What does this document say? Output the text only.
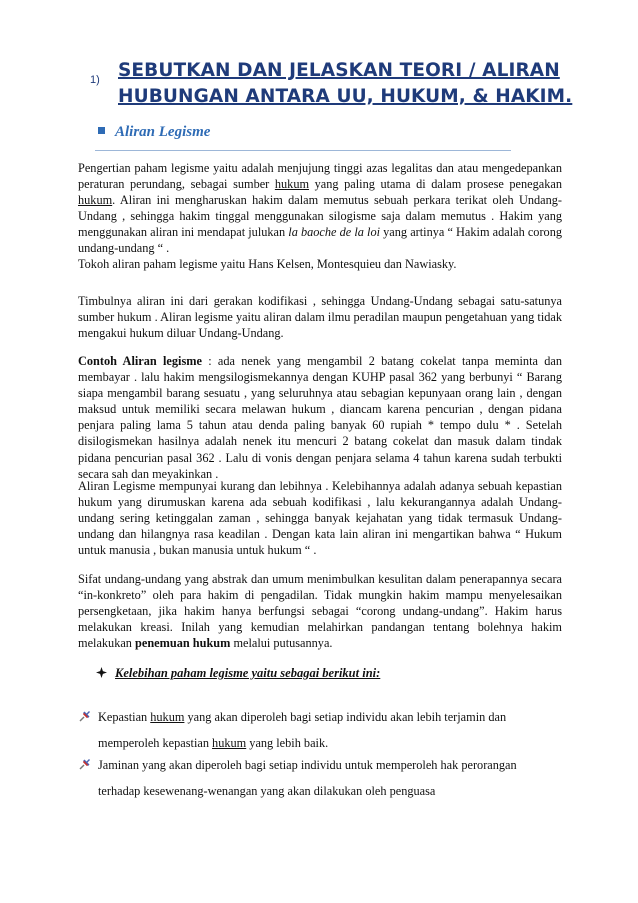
1) SEBUTKAN DAN JELASKAN TEORI / ALIRAN
HUBUNGAN ANTARA UU, HUKUM, & HAKIM.
Aliran Legisme

Pengertian paham legisme yaitu adalah menjujung tinggi azas legalitas dan atau mengedepankan peraturan perundang, sebagai sumber hukum yang paling utama di dalam prosese penegakan hukum. Aliran ini mengharuskan hakim dalam memutus sebuah perkara terikat oleh Undang-Undang , sehingga hakim tinggal menggunakan silogisme saja dalam memutus . Hakim yang menggunakan aliran ini mendapat julukan la baoche de la loi yang artinya “ Hakim adalah corong undang-undang “ .

Tokoh aliran paham legisme yaitu Hans Kelsen, Montesquieu dan Nawiasky.

Timbulnya aliran ini dari gerakan kodifikasi , sehingga Undang-Undang sebagai satu-satunya sumber hukum . Aliran legisme yaitu aliran dalam ilmu peradilan maupun pengetahuan yang tidak mengakui hukum diluar Undang-Undang.

Contoh Aliran legisme : ada nenek yang mengambil 2 batang cokelat tanpa meminta dan membayar . lalu hakim mengsilogismekannya dengan KUHP pasal 362 yang berbunyi “ Barang siapa mengambil barang sesuatu , yang seluruhnya atau sebagian kepunyaan orang lain , dengan maksud untuk memiliki secara melawan hukum , diancam karena pencurian , dengan pidana penjara paling lama 5 tahun atau denda paling banyak 60 rupiah * tempo dulu * . Setelah disilogismekan hasilnya adalah nenek itu mencuri 2 batang cokelat dan masuk dalam tindak pidana pencurian pasal 362 . Lalu di vonis dengan penjara selama 4 tahun karena sudah terbukti secara sah dan meyakinkan .

Aliran Legisme mempunyai kurang dan lebihnya . Kelebihannya adalah adanya sebuah kepastian hukum yang dirumuskan karena ada sebuah kodifikasi , lalu kekurangannya adalah Undang-undang sering ketinggalan zaman , sehingga banyak kejahatan yang tidak termasuk Undang-undang dan hilangnya rasa keadilan . Dengan kata lain aliran ini mengartikan bahwa “ Hukum untuk manusia , bukan manusia untuk hukum “ .

Sifat undang-undang yang abstrak dan umum menimbulkan kesulitan dalam penerapannya secara “in-konkreto” oleh para hakim di pengadilan. Tidak mungkin hakim mampu menyelesaikan persengketaan, jika hakim hanya berfungsi sebagai “corong undang-undang”. Hakim harus melakukan kreasi. Inilah yang kemudian melahirkan pandangan tentang bolehnya hakim melakukan penemuan hukum melalui putusannya.

Kelebihan paham legisme yaitu sebagai berikut ini:
Kepastian hukum yang akan diperoleh bagi setiap individu akan lebih terjamin dan
memperoleh kepastian hukum yang lebih baik.
Jaminan yang akan diperoleh bagi setiap individu untuk memperoleh hak perorangan
terhadap kesewenang-wenangan yang akan dilakukan oleh penguasa
